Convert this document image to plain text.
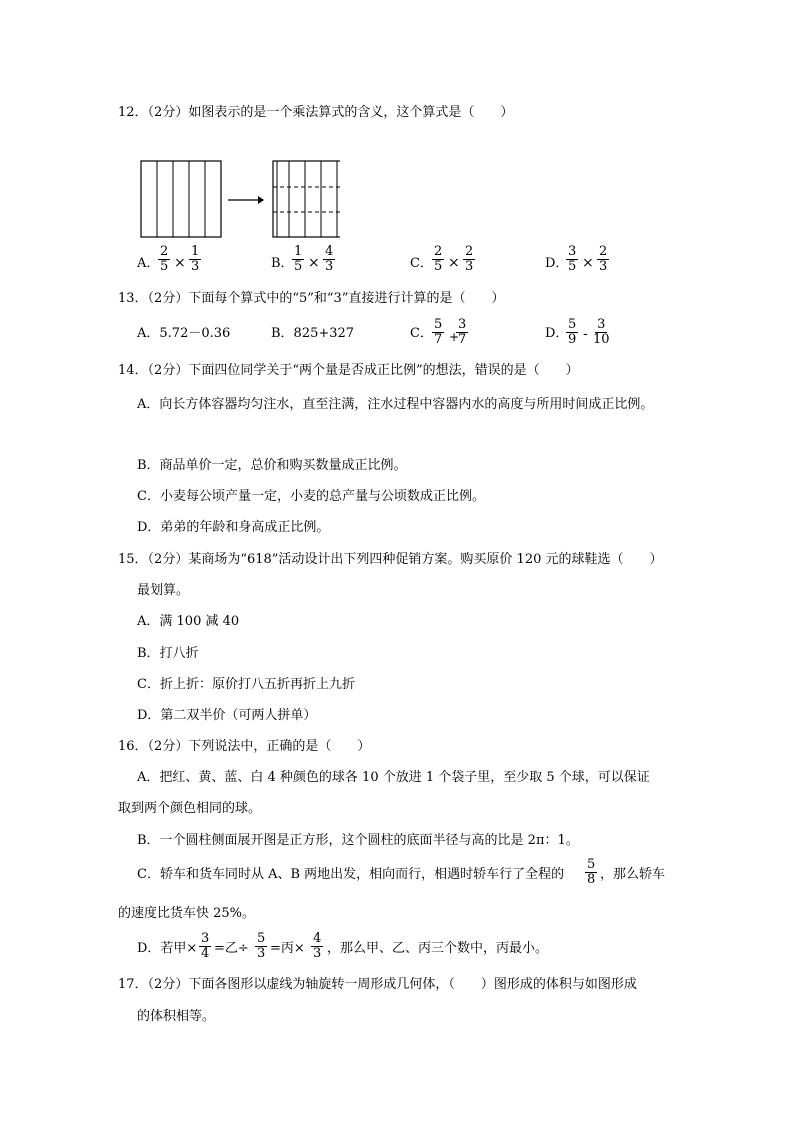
12．（2分）如图表示的是一个乘法算式的含义，这个算式是（　　）
A．
$\frac{2}{5} \times \frac{1}{3}$	B．
$\frac{1}{5} \times \frac{4}{3}$	C． $\frac{2}{5} \times \frac{2}{3}$	D．
$\frac{3}{5} \times \frac{2}{3}$
13．（2分）下面每个算式中的“5”和“3”直接进行计算的是（　　）
A．5.72－0.36	B．825+327	C． $\frac{5}{7}$ +
$\frac{3}{7}$	D．
$\frac{5}{9} - \frac{3}{10}$
14．（2分）下面四位同学关于“两个量是否成正比例”的想法，错误的是（　　）
A．向长方体容器均匀注水，直至注满，注水过程中容器内水的高度与所用时间成正比例。
B．商品单价一定，总价和购买数量成正比例。
C．小麦每公顷产量一定，小麦的总产量与公顷数成正比例。
D．弟弟的年龄和身高成正比例。
15．（2分）某商场为“618”活动设计出下列四种促销方案。购买原价 120 元的球鞋选（　　）
最划算。
A．满 100 减 40
B．打八折
C．折上折：原价打八五折再折上九折
D．第二双半价（可两人拼单）
16．（2分）下列说法中，正确的是（　　）
A．把红、黄、蓝、白 4 种颜色的球各 10 个放进 1 个袋子里，至少取 5 个球，可以保证
取到两个颜色相同的球。
B．一个圆柱侧面展开图是正方形，这个圆柱的底面半径与高的比是 2π：1。
C．轿车和货车同时从 A、B 两地出发，相向而行，相遇时轿车行了全程的 $\frac{5}{8}$ ，那么轿车
的速度比货车快 25%。
D．若甲× $\frac{3}{4}$ =乙÷ $\frac{5}{3}$ =丙× $\frac{4}{3}$ ，那么甲、乙、丙三个数中，丙最小。
17．（2分）下面各图形以虚线为轴旋转一周形成几何体，（　　）图形成的体积与如图形成
的体积相等。
